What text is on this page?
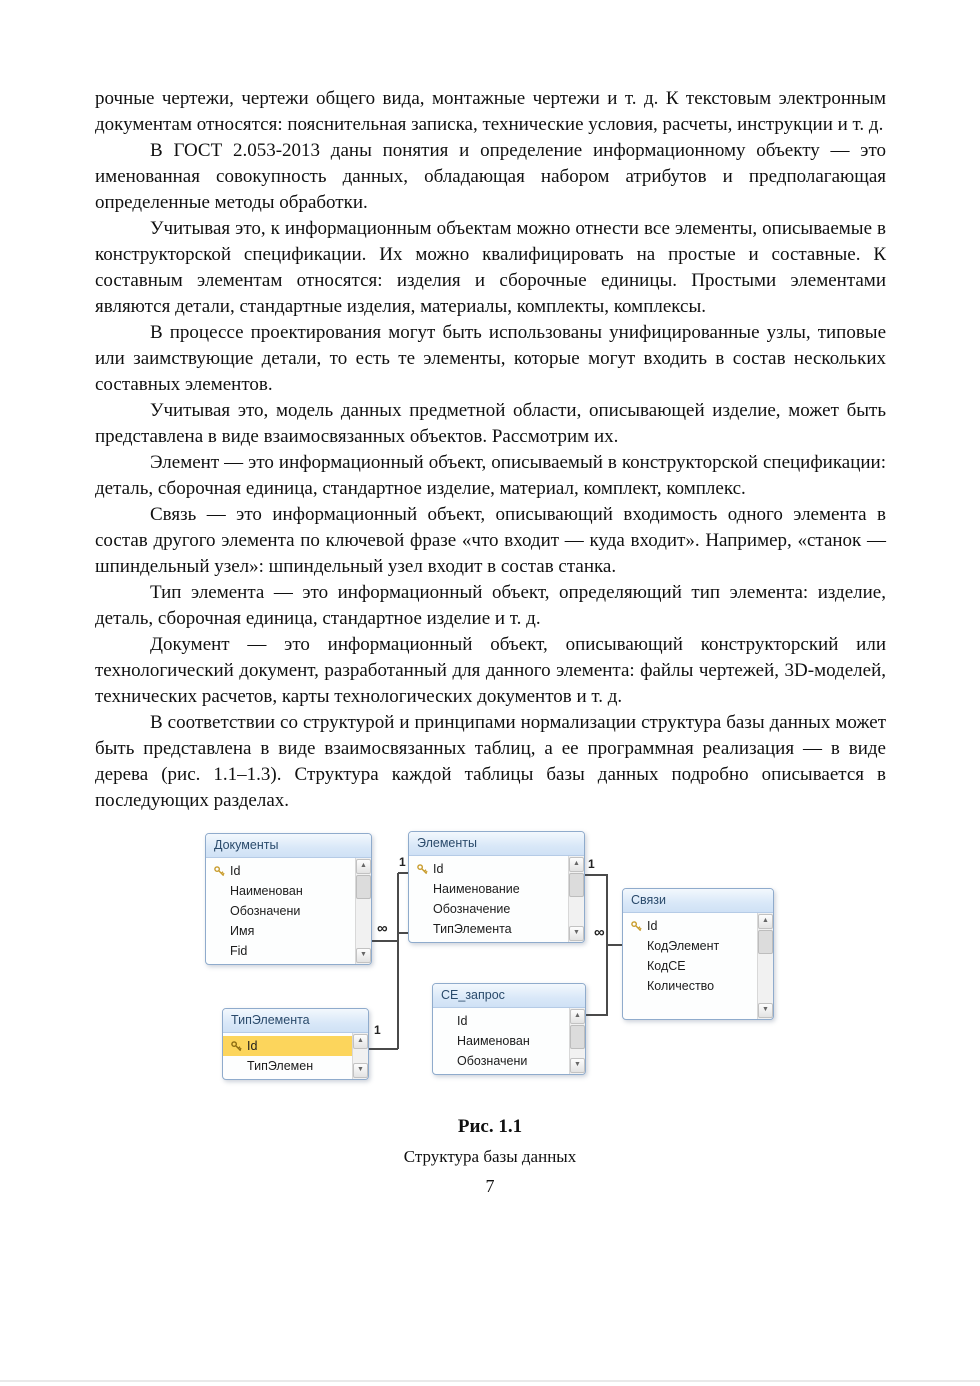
рочные чертежи, чертежи общего вида, монтажные чертежи и т. д. К текстовым электронным документам относятся: пояснительная записка, технические условия, расчеты, инструкции и т. д.

В ГОСТ 2.053-2013 даны понятия и определение информационному объекту — это именованная совокупность данных, обладающая набором атрибутов и предполагающая определенные методы обработки.

Учитывая это, к информационным объектам можно отнести все элементы, описываемые в конструкторской спецификации. Их можно квалифицировать на простые и составные. К составным элементам относятся: изделия и сборочные единицы. Простыми элементами являются детали, стандартные изделия, материалы, комплекты, комплексы.

В процессе проектирования могут быть использованы унифицированные узлы, типовые или заимствующие детали, то есть те элементы, которые могут входить в состав нескольких составных элементов.

Учитывая это, модель данных предметной области, описывающей изделие, может быть представлена в виде взаимосвязанных объектов. Рассмотрим их.

Элемент — это информационный объект, описываемый в конструкторской спецификации: деталь, сборочная единица, стандартное изделие, материал, комплект, комплекс.

Связь — это информационный объект, описывающий входимость одного элемента в состав другого элемента по ключевой фразе «что входит — куда входит». Например, «станок — шпиндельный узел»: шпиндельный узел входит в состав станка.

Тип элемента — это информационный объект, определяющий тип элемента: изделие, деталь, сборочная единица, стандартное изделие и т. д.

Документ — это информационный объект, описывающий конструкторский или технологический документ, разработанный для данного элемента: файлы чертежей, 3D-моделей, технических расчетов, карты технологических документов и т. д.

В соответствии со структурой и принципами нормализации структура базы данных может быть представлена в виде взаимосвязанных таблиц, а ее программная реализация — в виде дерева (рис. 1.1–1.3). Структура каждой таблицы базы данных подробно описывается в последующих разделах.

∞
1	1
∞
1
Документы
Id
Наименован
Обозначени
Имя
Fid
▲
▼
Элементы
Id
Наименование
Обозначение
ТипЭлемента
▲
▼
Связи
Id
КодЭлемент
КодСЕ
Количество
▲
▼
ТипЭлемента
Id
ТипЭлемен
▲
▼
СЕ_запрос
Id
Наименован
Обозначени
▲
▼
Рис. 1.1
Структура базы данных
7
